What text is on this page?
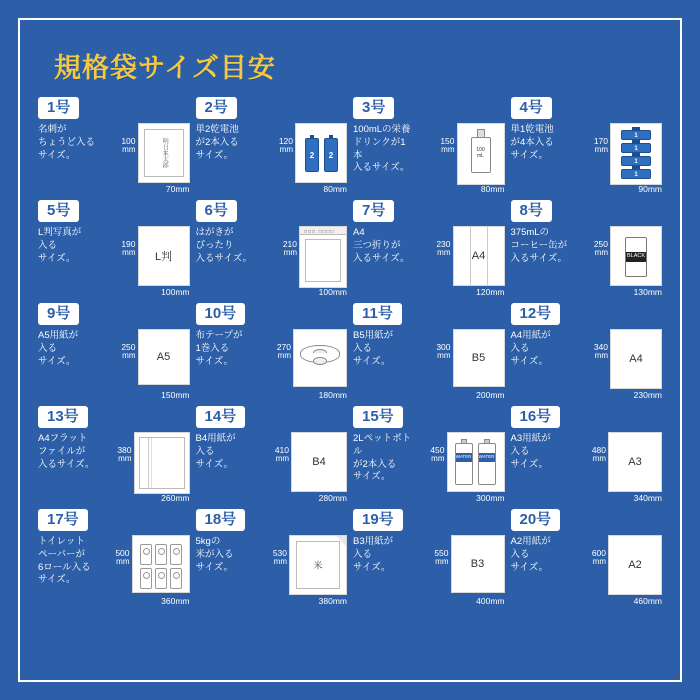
規格袋サイズ目安
1号
名刺が
ちょうど入る
サイズ。
100
mm	明日来太郎
70mm
2号
単2乾電池
が2本入る
サイズ。
120
mm
2	2
80mm
3号
100mLの栄養
ドリンクが1本
入るサイズ。
150
mm	100
mL
80mm
4号
単1乾電池
が4本入る
サイズ。
170
mm
1
1
1
1
90mm
5号
L判写真が
入る
サイズ。
190
mm	L判
100mm
6号
はがきが
ぴったり
入るサイズ。
210
mm
□□□ □□□□
100mm
7号
A4
三つ折りが
入るサイズ。
230
mm	A4
120mm
8号
375mLの
コーヒー缶が
入るサイズ。
250
mm	BLACK
130mm
9号
A5用紙が
入る
サイズ。
250
mm	A5
150mm
10号
布テープが
1巻入る
サイズ。
270
mm
180mm
11号
B5用紙が
入る
サイズ。
300
mm	B5
200mm
12号
A4用紙が
入る
サイズ。
340
mm	A4
230mm
13号
A4フラット
ファイルが
入るサイズ。
380
mm
260mm
14号
B4用紙が
入る
サイズ。
410
mm	B4
280mm
15号
2Lペットボトル
が2本入る
サイズ。
450
mm WATER WATER
300mm
16号
A3用紙が
入る
サイズ。
480
mm	A3
340mm
17号
トイレット
ペーパーが
6ロール入る
サイズ。
500
mm
360mm
18号
5kgの
米が入る
サイズ。
530
mm	米
380mm
19号
B3用紙が
入る
サイズ。
550
mm	B3
400mm
20号
A2用紙が
入る
サイズ。
600
mm	A2
460mm
